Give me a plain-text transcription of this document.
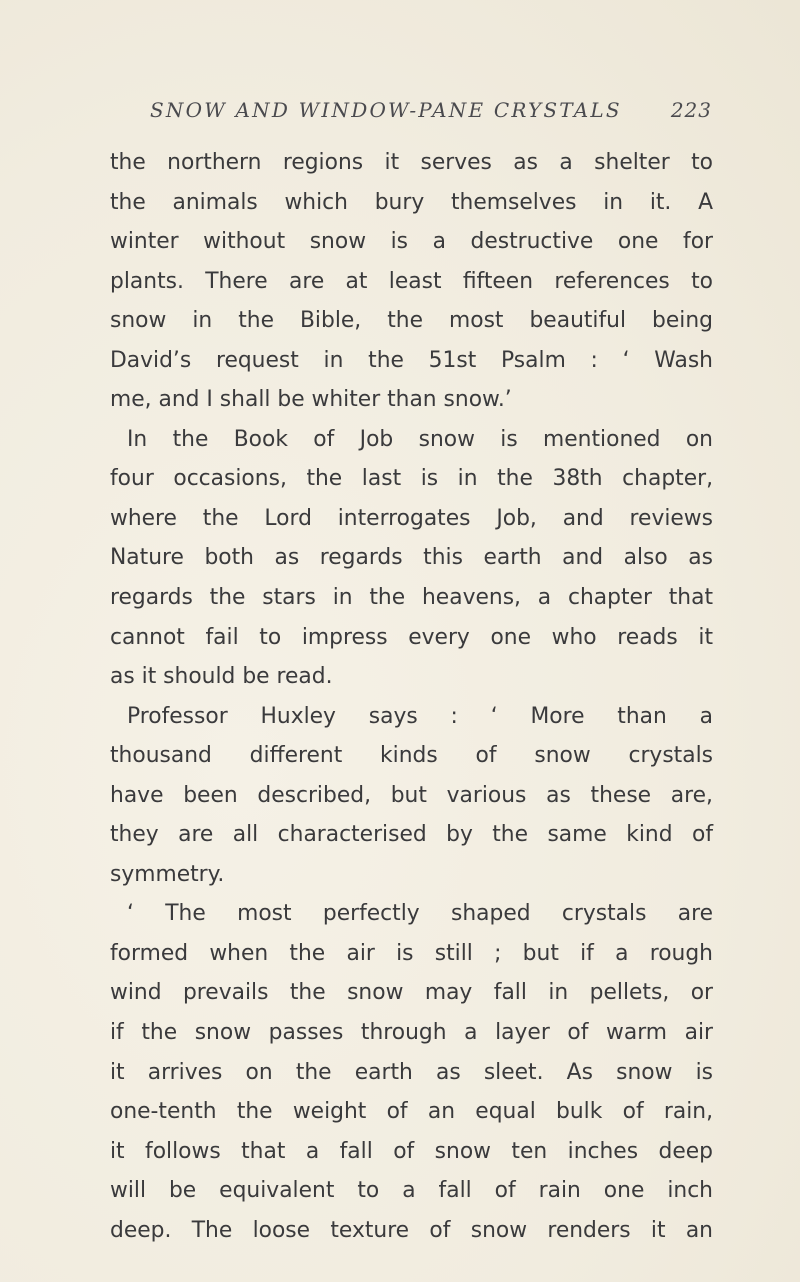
SNOW AND WINDOW-PANE CRYSTALS 223
the northern regions it serves as a shelter to
the animals which bury themselves in it. A
winter without snow is a destructive one for
plants. There are at least fifteen references to
snow in the Bible, the most beautiful being
David’s request in the 51st Psalm : ‘ Wash
me, and I shall be whiter than snow.’
In the Book of Job snow is mentioned on
four occasions, the last is in the 38th chapter,
where the Lord interrogates Job, and reviews
Nature both as regards this earth and also as
regards the stars in the heavens, a chapter that
cannot fail to impress every one who reads it
as it should be read.
Professor Huxley says : ‘ More than a
thousand different kinds of snow crystals
have been described, but various as these are,
they are all characterised by the same kind of
symmetry.
‘ The most perfectly shaped crystals are
formed when the air is still ; but if a rough
wind prevails the snow may fall in pellets, or
if the snow passes through a layer of warm air
it arrives on the earth as sleet. As snow is
one-tenth the weight of an equal bulk of rain,
it follows that a fall of snow ten inches deep
will be equivalent to a fall of rain one inch
deep. The loose texture of snow renders it an
